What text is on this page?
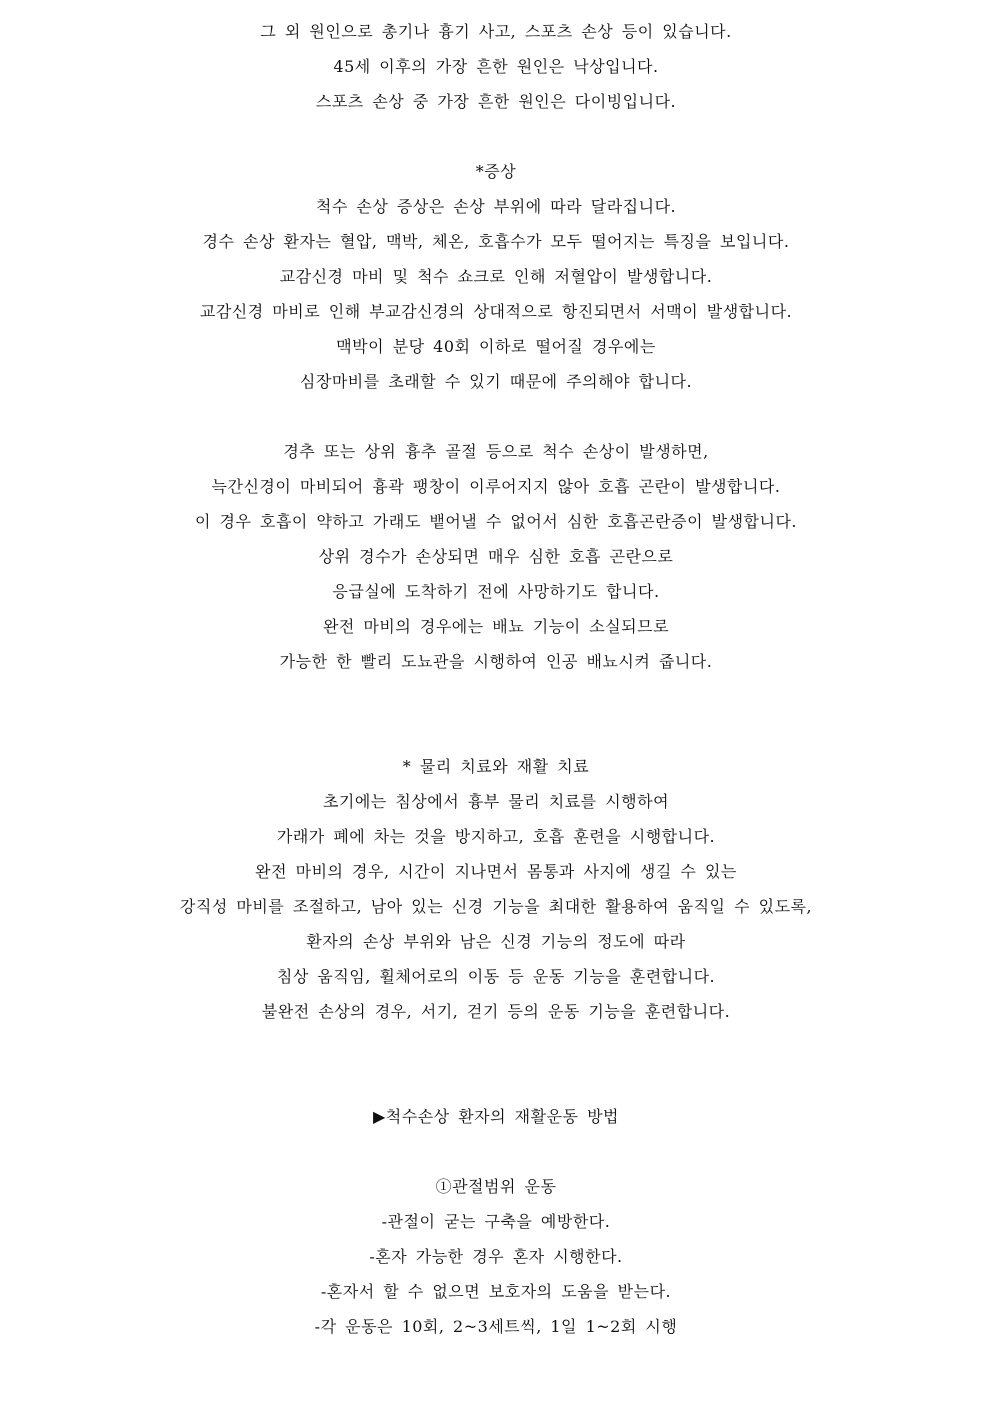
그 외 원인으로 총기나 흉기 사고, 스포츠 손상 등이 있습니다.
45세 이후의 가장 흔한 원인은 낙상입니다.
스포츠 손상 중 가장 흔한 원인은 다이빙입니다.
*증상
척수 손상 증상은 손상 부위에 따라 달라집니다.
경수 손상 환자는 혈압, 맥박, 체온, 호흡수가 모두 떨어지는 특징을 보입니다.
교감신경 마비 및 척수 쇼크로 인해 저혈압이 발생합니다.
교감신경 마비로 인해 부교감신경의 상대적으로 항진되면서 서맥이 발생합니다.
맥박이 분당 40회 이하로 떨어질 경우에는
심장마비를 초래할 수 있기 때문에 주의해야 합니다.
경추 또는 상위 흉추 골절 등으로 척수 손상이 발생하면,
늑간신경이 마비되어 흉곽 팽창이 이루어지지 않아 호흡 곤란이 발생합니다.
이 경우 호흡이 약하고 가래도 뱉어낼 수 없어서 심한 호흡곤란증이 발생합니다.
상위 경수가 손상되면 매우 심한 호흡 곤란으로
응급실에 도착하기 전에 사망하기도 합니다.
완전 마비의 경우에는 배뇨 기능이 소실되므로
가능한 한 빨리 도뇨관을 시행하여 인공 배뇨시켜 줍니다.
* 물리 치료와 재활 치료
초기에는 침상에서 흉부 물리 치료를 시행하여
가래가 폐에 차는 것을 방지하고, 호흡 훈련을 시행합니다.
완전 마비의 경우, 시간이 지나면서 몸통과 사지에 생길 수 있는
강직성 마비를 조절하고, 남아 있는 신경 기능을 최대한 활용하여 움직일 수 있도록,
환자의 손상 부위와 남은 신경 기능의 정도에 따라
침상 움직임, 휠체어로의 이동 등 운동 기능을 훈련합니다.
불완전 손상의 경우, 서기, 걷기 등의 운동 기능을 훈련합니다.
▶척수손상 환자의 재활운동 방법
①관절범위 운동
-관절이 굳는 구축을 예방한다.
-혼자 가능한 경우 혼자 시행한다.
-혼자서 할 수 없으면 보호자의 도움을 받는다.
-각 운동은 10회, 2~3세트씩, 1일 1~2회 시행
